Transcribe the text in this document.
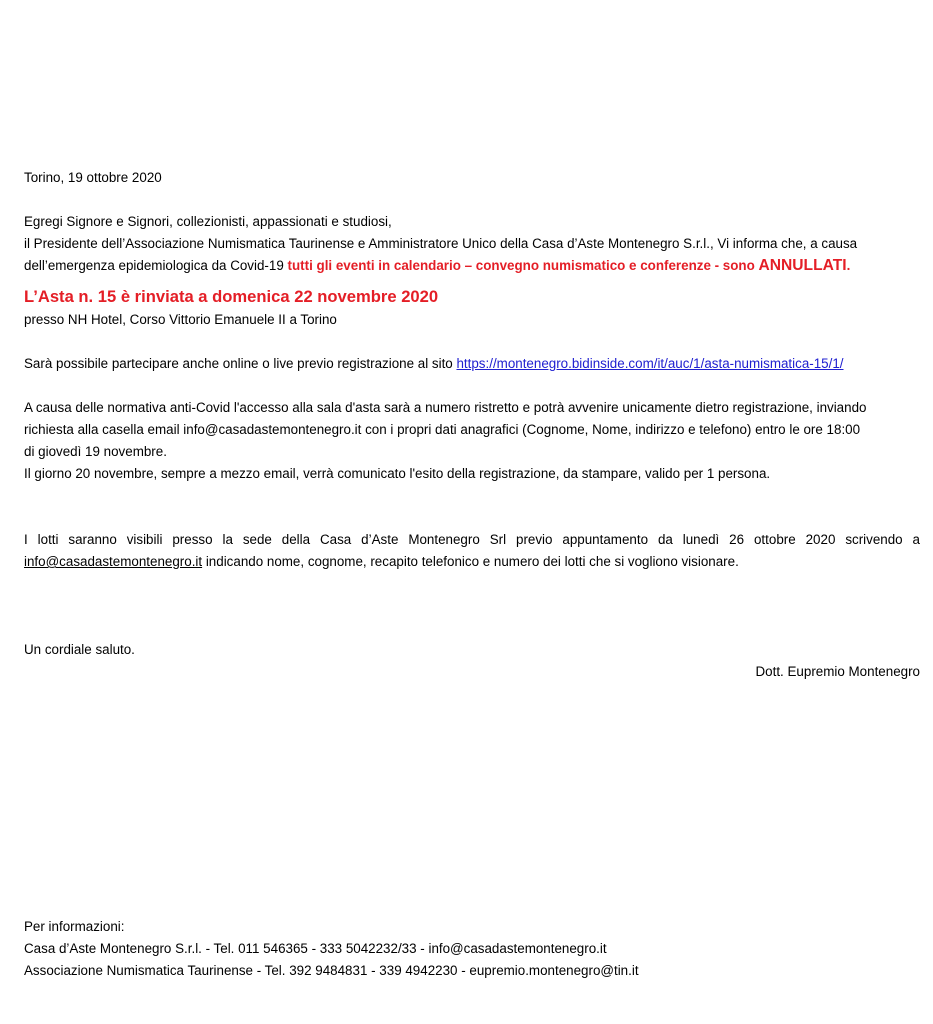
Torino, 19 ottobre 2020

Egregi Signore e Signori, collezionisti, appassionati e studiosi,

il Presidente dell’Associazione Numismatica Taurinense e Amministratore Unico della Casa d’Aste Montenegro S.r.l., Vi informa che, a causa

dell’emergenza epidemiologica da Covid-19 tutti gli eventi in calendario – convegno numismatico e conferenze - sono ANNULLATI.

L’Asta n. 15 è rinviata a domenica 22 novembre 2020

presso NH Hotel, Corso Vittorio Emanuele II a Torino

Sarà possibile partecipare anche online o live previo registrazione al sito https://montenegro.bidinside.com/it/auc/1/asta-numismatica-15/1/

A causa delle normativa anti-Covid l'accesso alla sala d'asta sarà a numero ristretto e potrà avvenire unicamente dietro registrazione, inviando

richiesta alla casella email info@casadastemontenegro.it con i propri dati anagrafici (Cognome, Nome, indirizzo e telefono) entro le ore 18:00

di giovedì 19 novembre.

Il giorno 20 novembre, sempre a mezzo email, verrà comunicato l'esito della registrazione, da stampare, valido per 1 persona.

I lotti saranno visibili presso la sede della Casa d’Aste Montenegro Srl previo appuntamento da lunedì 26 ottobre 2020 scrivendo a

info@casadastemontenegro.it indicando nome, cognome, recapito telefonico e numero dei lotti che si vogliono visionare.

Un cordiale saluto.

Dott. Eupremio Montenegro

Per informazioni:

Casa d’Aste Montenegro S.r.l. - Tel. 011 546365 - 333 5042232/33 - info@casadastemontenegro.it

Associazione Numismatica Taurinense - Tel. 392 9484831 - 339 4942230 - eupremio.montenegro@tin.it
